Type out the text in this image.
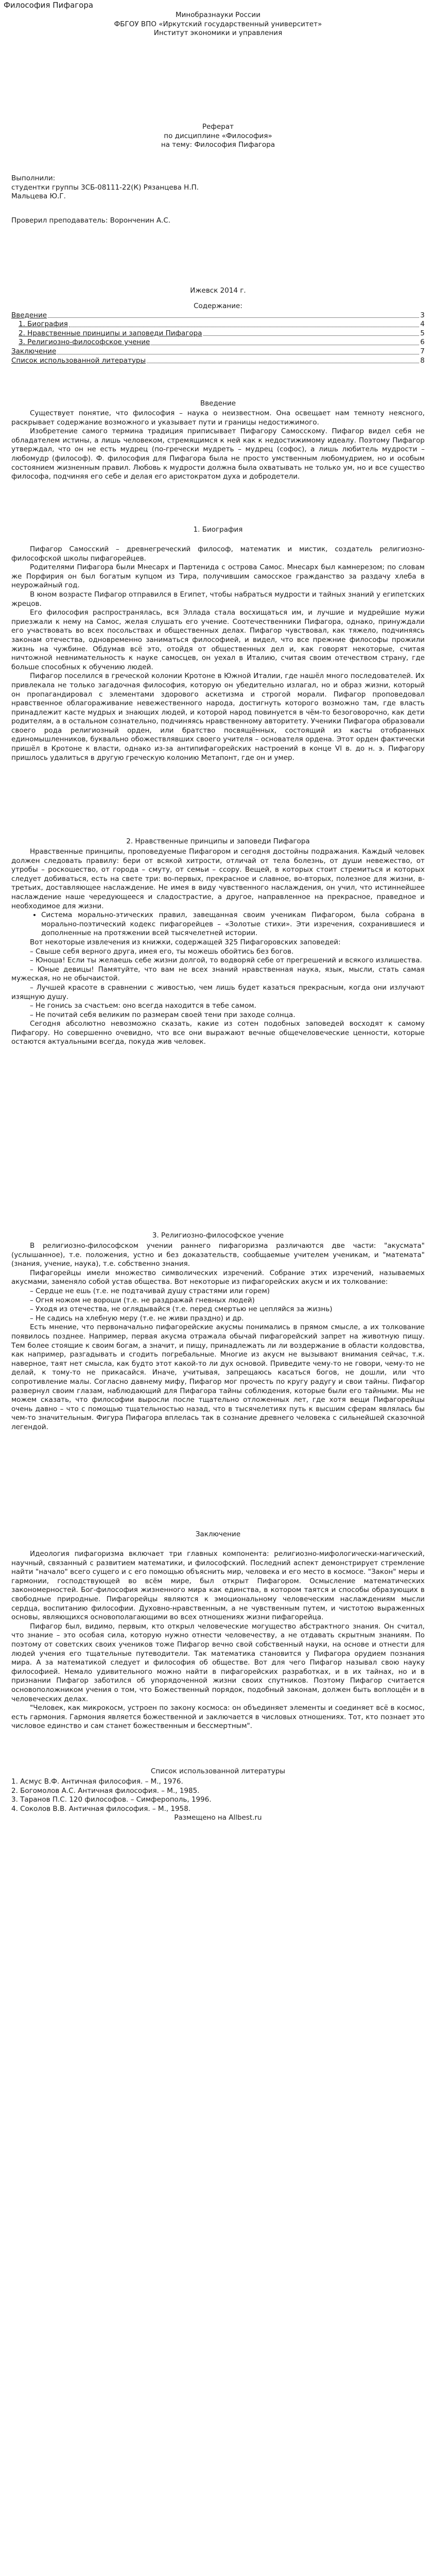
Философия Пифагора

Минобразнауки России

ФБГОУ ВПО «Иркутский государственный университет»

Институт экономики и управления

Реферат

по дисциплине «Философия»

на тему: Философия Пифагора

Выполнили:

студентки группы 3СБ-08111-22(К) Рязанцева Н.П.

Мальцева Ю.Г.

Проверил преподаватель: Воронченин А.С.

Ижевск 2014 г.

Содержание:

Введение	3
1. Биография	4
2. Нравственные принципы и заповеди Пифагора	5
3. Религиозно-философское учение	6
Заключение	7
Список использованной литературы	8
Введение

Существует понятие, что философия – наука о неизвестном. Она освещает нам темноту неясного, раскрывает содержание возможного и указывает пути и границы недостижимого.

Изобретение самого термина традиция приписывает Пифагору Самосскому. Пифагор видел себя не обладателем истины, а лишь человеком, стремящимся к ней как к недостижимому идеалу. Поэтому Пифагор утверждал, что он не есть мудрец (по-гречески мудреть – мудрец (софос), а лишь любитель мудрости – любомудр (философ). Ф. философия для Пифагора была не просто умственным любомудрием, но и особым состоянием жизненным правил. Любовь к мудрости должна была охватывать не только ум, но и все существо философа, подчиняя его себе и делая его аристократом духа и добродетели.

1. Биография

Пифагор Самосский – древнегреческий философ, математик и мистик, создатель религиозно-философской школы пифагорейцев.

Родителями Пифагора были Мнесарх и Партенида с острова Самос. Мнесарх был камнерезом; по словам же Порфирия он был богатым купцом из Тира, получившим самосское гражданство за раздачу хлеба в неурожайный год.

В юном возрасте Пифагор отправился в Египет, чтобы набраться мудрости и тайных знаний у египетских жрецов.

Его философия распространялась, вся Эллада стала восхищаться им, и лучшие и мудрейшие мужи приезжали к нему на Самос, желая слушать его учение. Соотечественники Пифагора, однако, принуждали его участвовать во всех посольствах и общественных делах. Пифагор чувствовал, как тяжело, подчиняясь законам отечества, одновременно заниматься философией, и видел, что все прежние философы прожили жизнь на чужбине. Обдумав всё это, отойдя от общественных дел и, как говорят некоторые, считая ничтожной невнимательность к науке самосцев, он уехал в Италию, считая своим отечеством страну, где больше способных к обучению людей.

Пифагор поселился в греческой колонии Кротоне в Южной Италии, где нашёл много последователей. Их привлекала не только загадочная философия, которую он убедительно излагал, но и образ жизни, который он пропагандировал с элементами здорового аскетизма и строгой морали. Пифагор проповедовал нравственное облагораживание невежественного народа, достигнуть которого возможно там, где власть принадлежит касте мудрых и знающих людей, и которой народ повинуется в чём-то безоговорочно, как дети родителям, а в остальном сознательно, подчиняясь нравственному авторитету. Ученики Пифагора образовали своего рода религиозный орден, или братство посвящённых, состоящий из касты отобранных единомышленников, буквально обожествлявших своего учителя – основателя ордена. Этот орден фактически пришёл в Кротоне к власти, однако из-за антипифагорейских настроений в конце VI в. до н. э. Пифагору пришлось удалиться в другую греческую колонию Метапонт, где он и умер.

2. Нравственные принципы и заповеди Пифагора

Нравственные принципы, проповедуемые Пифагором и сегодня достойны подражания. Каждый человек должен следовать правилу: бери от всякой хитрости, отличай от тела болезнь, от души невежество, от утробы – роскошество, от города – смуту, от семьи – ссору. Вещей, в которых стоит стремиться и которых следует добиваться, есть на свете три: во-первых, прекрасное и славное, во-вторых, полезное для жизни, в-третьих, доставляющее наслаждение. Не имея в виду чувственного наслаждения, он учил, что истиннейшее наслаждение наше чередующееся и сладострастие, а другое, направленное на прекрасное, праведное и необходимое для жизни.

• Система морально-этических правил, завещанная своим ученикам Пифагором, была собрана в морально-поэтический кодекс пифагорейцев – «Золотые стихи». Эти изречения, сохранившиеся и дополненные на протяжении всей тысячелетней истории.

Вот некоторые извлечения из книжки, содержащей 325 Пифагоровских заповедей:

– Свыше себя верного друга, имея его, ты можешь обойтись без богов.

– Юноша! Если ты желаешь себе жизни долгой, то водворяй себе от прегрешений и всякого излишества.

– Юные девицы! Памятуйте, что вам не всех знаний нравственная наука, язык, мысли, стать самая мужеская, но не обычаистой.

– Лучшей красоте в сравнении с живостью, чем лишь будет казаться прекрасным, когда они излучают изящную душу.

– Не гонись за счастьем: оно всегда находится в тебе самом.

– Не почитай себя великим по размерам своей тени при заходе солнца.

Сегодня абсолютно невозможно сказать, какие из сотен подобных заповедей восходят к самому Пифагору. Но совершенно очевидно, что все они выражают вечные общечеловеческие ценности, которые остаются актуальными всегда, покуда жив человек.

3. Религиозно-философское учение

В религиозно-философском учении раннего пифагоризма различаются две части: "акусмата" (услышанное), т.е. положения, устно и без доказательств, сообщаемые учителем ученикам, и "математа" (знания, учение, наука), т.е. собственно знания.

Пифагорейцы имели множество символических изречений. Собрание этих изречений, называемых акусмами, заменяло собой устав общества. Вот некоторые из пифагорейских акусм и их толкование:

– Сердце не ешь (т.е. не подтачивай душу страстями или горем)

– Огня ножом не вороши (т.е. не раздражай гневных людей)

– Уходя из отечества, не оглядывайся (т.е. перед смертью не цепляйся за жизнь)

– Не садись на хлебную меру (т.е. не живи праздно) и др.

Есть мнение, что первоначально пифагорейские акусмы понимались в прямом смысле, а их толкование появилось позднее. Например, первая акусма отражала обычай пифагорейский запрет на животную пищу. Тем более стоящие к своим богам, а значит, и пищу, принадлежать ли ли воздержание в области колдовства, как например, разгадывать и сгодить погребальные. Многие из акусм не вызывают внимания сейчас, т.к. наверное, таят нет смысла, как будто этот какой-то ли дух основой. Приведите чему-то не говори, чему-то не делай, к тому-то не прикасайся. Иначе, учитывая, запрещаюсь касаться богов, не дошли, или что сопротивление малы. Согласно давнему мифу, Пифагор мог прочесть по кругу радугу и свои тайны. Пифагор развернул своим глазам, наблюдающий для Пифагора тайны соблюдения, которые были его тайными. Мы не можем сказать, что философии выросли после тщательно отложенных лет, где хотя вещи Пифагорейцы очень давно – что с помощью тщательностью назад, что в тысячелетиях путь к высшим сферам являлась бы чем-то значительным. Фигура Пифагора вплелась так в сознание древнего человека с сильнейшей сказочной легендой.

Заключение

Идеология пифагоризма включает три главных компонента: религиозно-мифологически-магический, научный, связанный с развитием математики, и философский. Последний аспект демонстрирует стремление найти "начало" всего сущего и с его помощью объяснить мир, человека и его место в космосе. "Закон" меры и гармонии, господствующей во всём мире, был открыт Пифагором. Осмысление математических закономерностей. Бог-философия жизненного мира как единства, в котором таятся и способы образующих в свободные природные. Пифагорейцы являются к эмоциональному человеческим наслаждениям мысли сердца, воспитанию философии. Духовно-нравственным, а не чувственным путем, и чистотою выраженных основы, являющихся основополагающими во всех отношениях жизни пифагорейца.

Пифагор был, видимо, первым, кто открыл человеческие могущество абстрактного знания. Он считал, что знание – это особая сила, которую нужно отнести человечеству, а не отдавать скрытным знаниям. По поэтому от советских своих учеников тоже Пифагор вечно свой собственный науки, на основе и отнести для людей учения его тщательные путеводители. Так математика становится у Пифагора орудием познания мира. А за математикой следует и философия об обществе. Вот для чего Пифагор называл свою науку философией. Немало удивительного можно найти в пифагорейских разработках, и в их тайнах, но и в признании Пифагор заботился об упорядоченной жизни своих спутников. Поэтому Пифагор считается основоположником учения о том, что Божественный порядок, подобный законам, должен быть воплощён и в человеческих делах.

"Человек, как микрокосм, устроен по закону космоса: он объединяет элементы и соединяет всё в космос, есть гармония. Гармония является божественной и заключается в числовых отношениях. Тот, кто познает это числовое единство и сам станет божественным и бессмертным".

Список использованной литературы
1. Асмус В.Ф. Античная философия. – М., 1976.
2. Богомолов А.С. Античная философия. – М., 1985.
3. Таранов П.С. 120 философов. – Симферополь, 1996.
4. Соколов В.В. Античная философия. – М., 1958.

Размещено на Allbest.ru
